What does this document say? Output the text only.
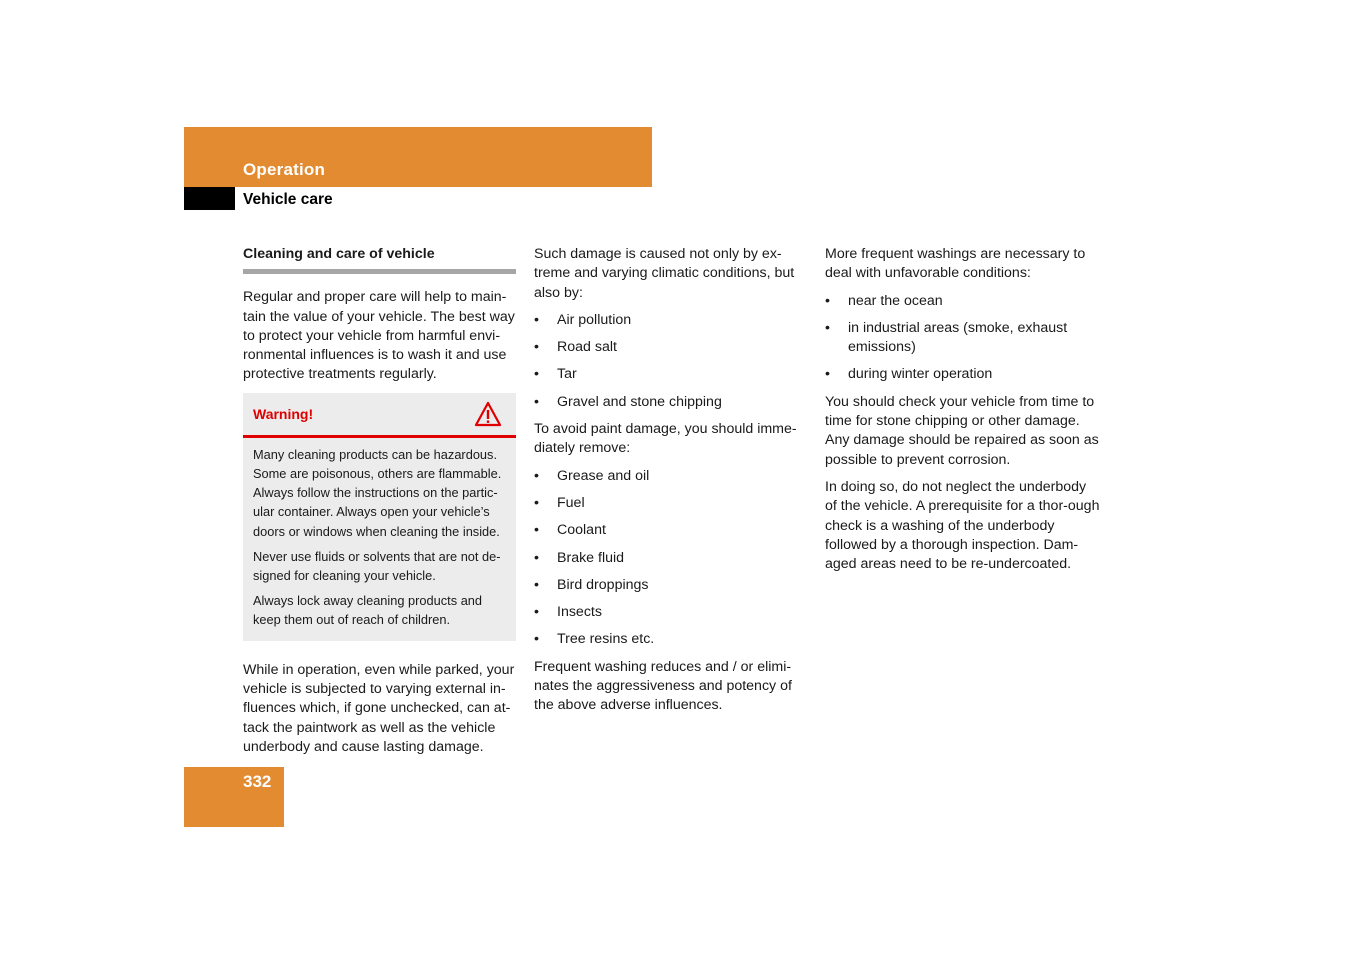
Operation
Vehicle care
Cleaning and care of vehicle

Regular and proper care will help to main-tain the value of your vehicle. The best way to protect your vehicle from harmful envi-ronmental influences is to wash it and use protective treatments regularly.

Warning!

Many cleaning products can be hazardous. Some are poisonous, others are flammable. Always follow the instructions on the partic-ular container. Always open your vehicle’s doors or windows when cleaning the inside.

Never use fluids or solvents that are not de-signed for cleaning your vehicle.

Always lock away cleaning products and keep them out of reach of children.

While in operation, even while parked, your vehicle is subjected to varying external in-fluences which, if gone unchecked, can at-tack the paintwork as well as the vehicle underbody and cause lasting damage.

Such damage is caused not only by ex-treme and varying climatic conditions, but also by:

• Air pollution
• Road salt
• Tar
• Gravel and stone chipping

To avoid paint damage, you should imme-diately remove:

• Grease and oil
• Fuel
• Coolant
• Brake fluid
• Bird droppings
• Insects
• Tree resins etc.

Frequent washing reduces and / or elimi-nates the aggressiveness and potency of the above adverse influences.

More frequent washings are necessary to deal with unfavorable conditions:

• near the ocean
• in industrial areas (smoke, exhaust emissions)
• during winter operation

You should check your vehicle from time to time for stone chipping or other damage. Any damage should be repaired as soon as possible to prevent corrosion.

In doing so, do not neglect the underbody of the vehicle. A prerequisite for a thor-ough check is a washing of the underbody followed by a thorough inspection. Dam-aged areas need to be re-undercoated.

332
